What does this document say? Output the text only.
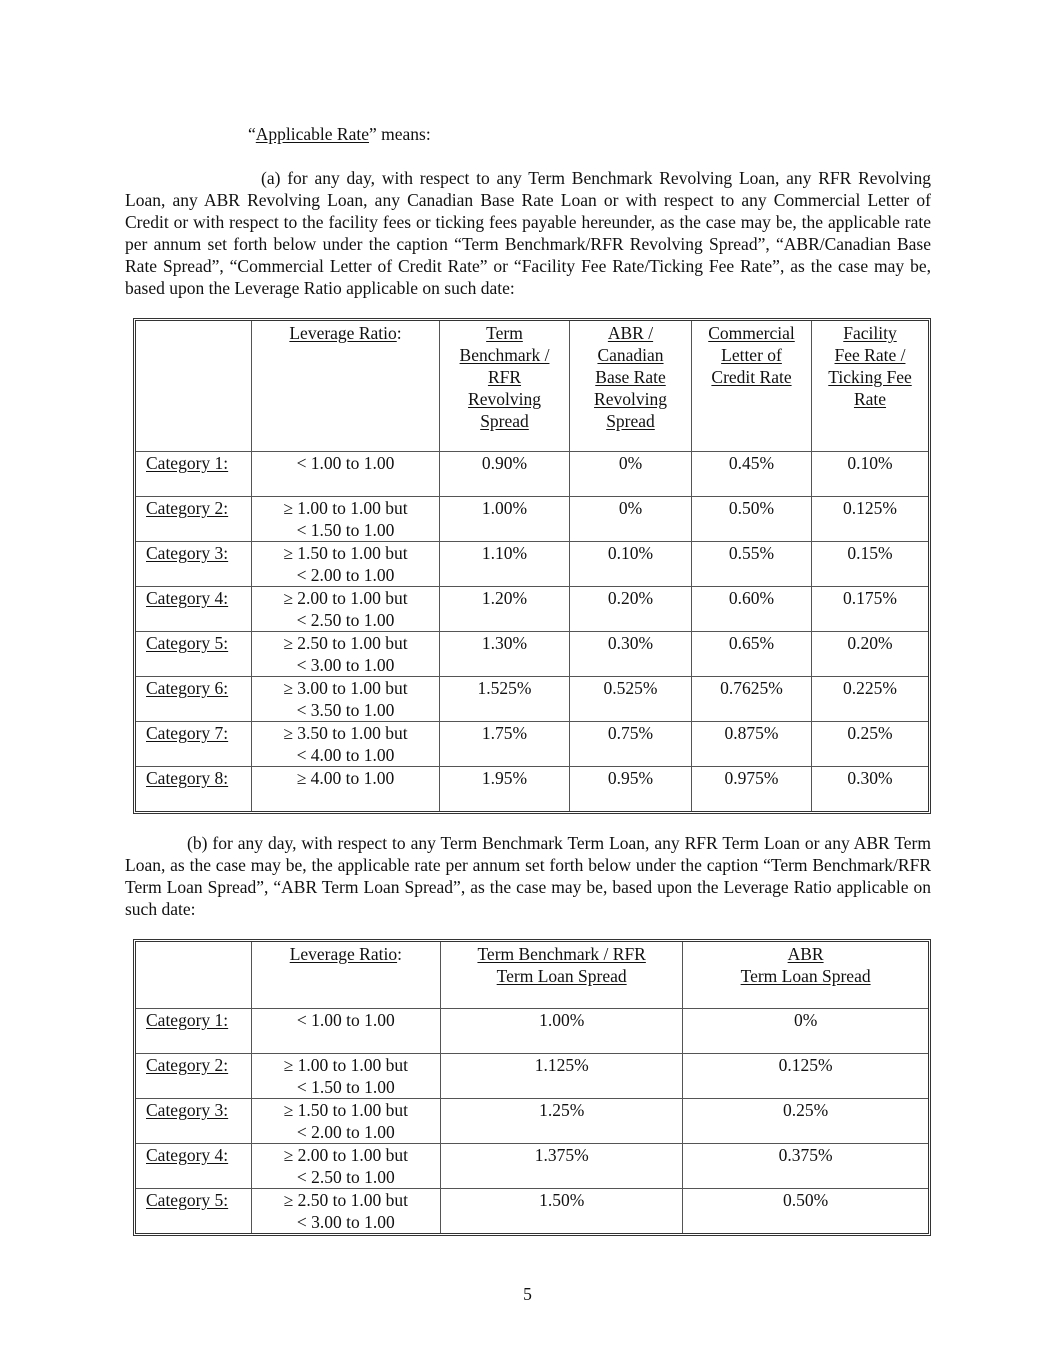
“Applicable Rate” means:

(a) for any day, with respect to any Term Benchmark Revolving Loan, any RFR Revolving Loan, any ABR Revolving Loan, any Canadian Base Rate Loan or with respect to any Commercial Letter of Credit or with respect to the facility fees or ticking fees payable hereunder, as the case may be, the applicable rate per annum set forth below under the caption “Term Benchmark/RFR Revolving Spread”, “ABR/Canadian Base Rate Spread”, “Commercial Letter of Credit Rate” or “Facility Fee Rate/Ticking Fee Rate”, as the case may be, based upon the Leverage Ratio applicable on such date:

	Leverage Ratio:	Term
Benchmark /
RFR
Revolving
Spread	ABR /
Canadian
Base Rate
Revolving
Spread	Commercial
Letter of
Credit Rate	Facility
Fee Rate /
Ticking Fee
Rate

Category 1:	< 1.00 to 1.00	0.90%	0%	0.45%	0.10%
Category 2:	≥ 1.00 to 1.00 but
< 1.50 to 1.00	1.00%	0%	0.50%	0.125%
Category 3:	≥ 1.50 to 1.00 but
< 2.00 to 1.00	1.10%	0.10%	0.55%	0.15%
Category 4:	≥ 2.00 to 1.00 but
< 2.50 to 1.00	1.20%	0.20%	0.60%	0.175%
Category 5:	≥ 2.50 to 1.00 but
< 3.00 to 1.00	1.30%	0.30%	0.65%	0.20%
Category 6:	≥ 3.00 to 1.00 but
< 3.50 to 1.00	1.525%	0.525%	0.7625%	0.225%
Category 7:	≥ 3.50 to 1.00 but
< 4.00 to 1.00	1.75%	0.75%	0.875%	0.25%
Category 8:	≥ 4.00 to 1.00	1.95%	0.95%	0.975%	0.30%

(b) for any day, with respect to any Term Benchmark Term Loan, any RFR Term Loan or any ABR Term Loan, as the case may be, the applicable rate per annum set forth below under the caption “Term Benchmark/RFR Term Loan Spread”, “ABR Term Loan Spread”, as the case may be, based upon the Leverage Ratio applicable on such date:

	Leverage Ratio:	Term Benchmark / RFR
Term Loan Spread	ABR
Term Loan Spread

Category 1:	< 1.00 to 1.00	1.00%	0%
Category 2:	≥ 1.00 to 1.00 but
< 1.50 to 1.00	1.125%	0.125%
Category 3:	≥ 1.50 to 1.00 but
< 2.00 to 1.00	1.25%	0.25%
Category 4:	≥ 2.00 to 1.00 but
< 2.50 to 1.00	1.375%	0.375%
Category 5:	≥ 2.50 to 1.00 but
< 3.00 to 1.00	1.50%	0.50%
5
